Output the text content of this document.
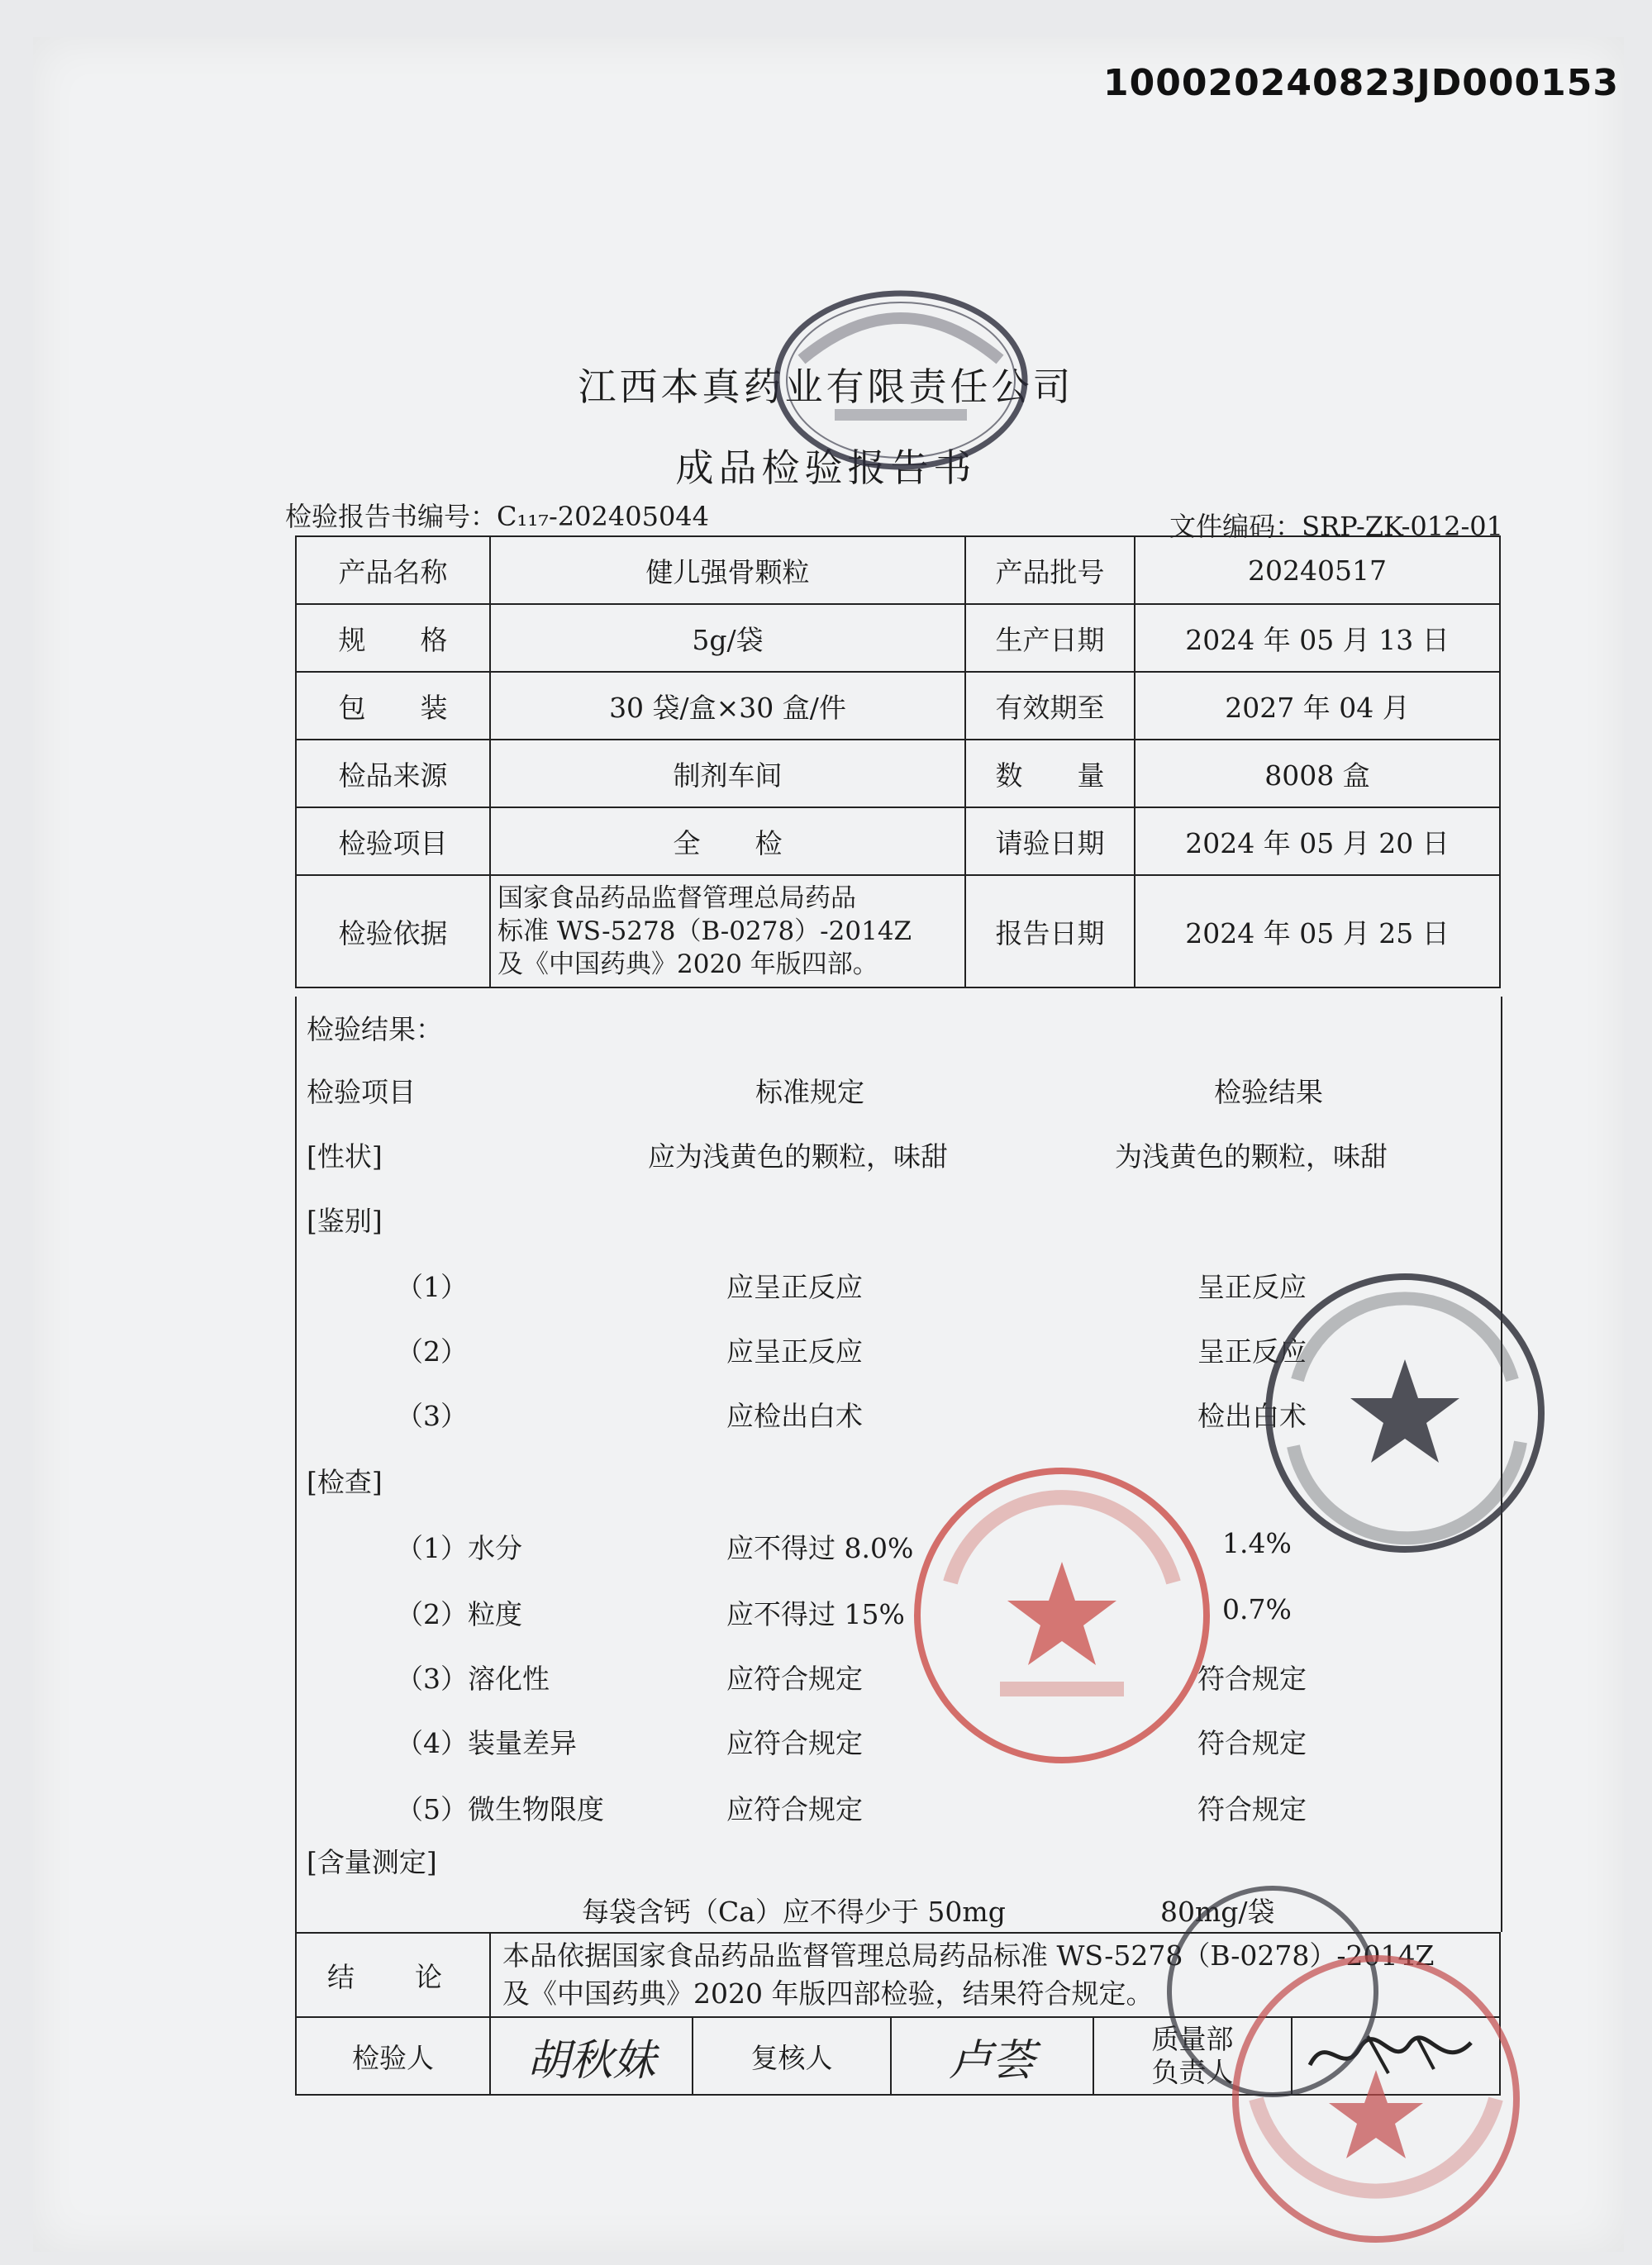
100020240823JD000153
江西本真药业有限责任公司
成品检验报告书
检验报告书编号：C₁₁₇-202405044	文件编码：SRP-ZK-012-01
产品名称	健儿强骨颗粒	产品批号	20240517
规　　格	5g/袋	生产日期	2024 年 05 月 13 日
包　　装	30 袋/盒×30 盒/件	有效期至	2027 年 04 月
检品来源	制剂车间	数　　量	8008 盒
检验项目	全　　检	请验日期	2024 年 05 月 20 日
检验依据	国家食品药品监督管理总局药品
标准 WS-5278（B-0278）-2014Z
及《中国药典》2020 年版四部。	报告日期	2024 年 05 月 25 日
检验结果：
检验项目	标准规定	检验结果
[性状]	应为浅黄色的颗粒，味甜	为浅黄色的颗粒，味甜
[鉴别]
（1）	应呈正反应	呈正反应
（2）	应呈正反应	呈正反应
（3）	应检出白术	检出白术
[检查]
（1）水分	应不得过 8.0%	1.4%
（2）粒度	应不得过 15%	0.7%
（3）溶化性	应符合规定	符合规定
（4）装量差异	应符合规定	符合规定
（5）微生物限度	应符合规定	符合规定
[含量测定]
每袋含钙（Ca）应不得少于 50mg	80mg/袋
结　论	本品依据国家食品药品监督管理总局药品标准 WS-5278（B-0278）-2014Z
及《中国药典》2020 年版四部检验，结果符合规定。				

检验人	胡秋妹	复核人	卢荟	质量部
负责人
